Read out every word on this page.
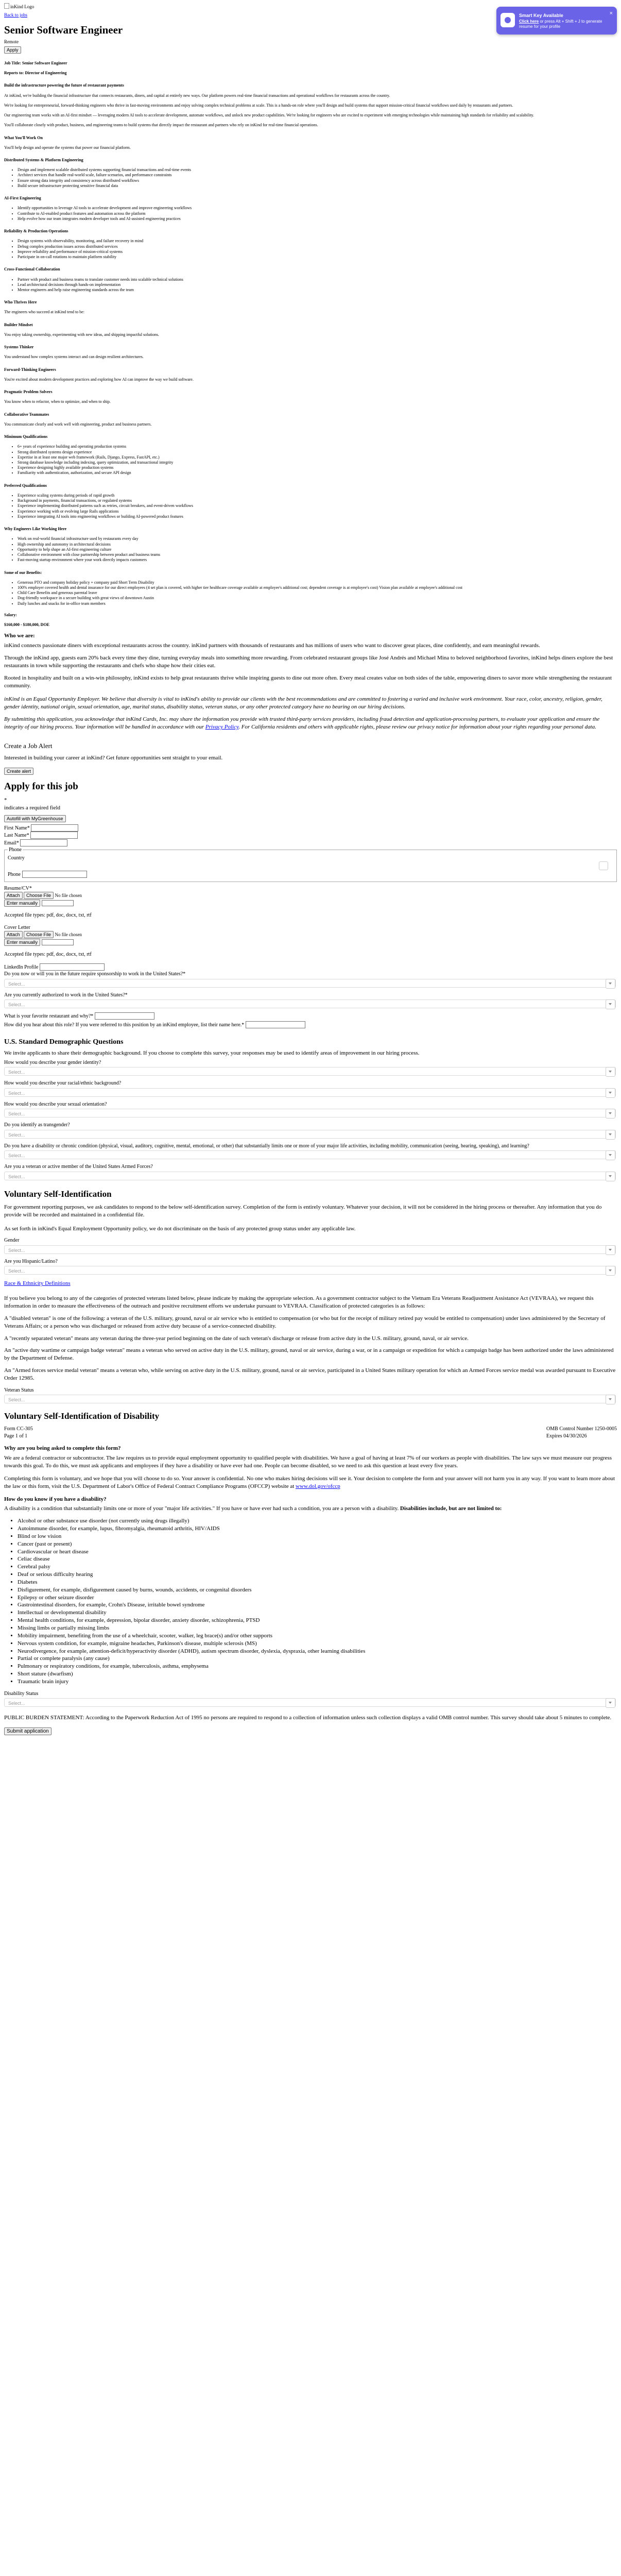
inKind Logo
Back to jobs
Senior Software Engineer
Remote
Apply

Job Title: Senior Software Engineer

Reports to: Director of Engineering

Build the infrastructure powering the future of restaurant payments

At inKind, we're building the financial infrastructure that connects restaurants, diners, and capital at entirely new ways. Our platform powers real-time financial transactions and operational workflows for restaurants across the country.

We're looking for entrepreneurial, forward-thinking engineers who thrive in fast-moving environments and enjoy solving complex technical problems at scale. This is a hands-on role where you'll design and build systems that support mission-critical financial workflows used daily by restaurants and partners.

Our engineering team works with an AI-first mindset — leveraging modern AI tools to accelerate development, automate workflows, and unlock new product capabilities. We're looking for engineers who are excited to experiment with emerging technologies while maintaining high standards for reliability and scalability.

You'll collaborate closely with product, business, and engineering teams to build systems that directly impact the restaurant and partners who rely on inKind for real-time financial operations.

What You'll Work On

You'll help design and operate the systems that power our financial platform.

Distributed Systems & Platform Engineering

• Design and implement scalable distributed systems supporting financial transactions and real-time events
• Architect services that handle real-world scale, failure scenarios, and performance constraints
• Ensure strong data integrity and consistency across distributed workflows
• Build secure infrastructure protecting sensitive financial data

AI-First Engineering

• Identify opportunities to leverage AI tools to accelerate development and improve engineering workflows
• Contribute to AI-enabled product features and automation across the platform
• Help evolve how our team integrates modern developer tools and AI-assisted engineering practices

Reliability & Production Operations

• Design systems with observability, monitoring, and failure recovery in mind
• Debug complex production issues across distributed services
• Improve reliability and performance of mission-critical systems
• Participate in on-call rotations to maintain platform stability

Cross-Functional Collaboration

• Partner with product and business teams to translate customer needs into scalable technical solutions
• Lead architectural decisions through hands-on implementation
• Mentor engineers and help raise engineering standards across the team

Who Thrives Here

The engineers who succeed at inKind tend to be:

Builder Mindset

You enjoy taking ownership, experimenting with new ideas, and shipping impactful solutions.

Systems Thinker

You understand how complex systems interact and can design resilient architectures.

Forward-Thinking Engineers

You're excited about modern development practices and exploring how AI can improve the way we build software.

Pragmatic Problem Solvers

You know when to refactor, when to optimize, and when to ship.

Collaborative Teammates

You communicate clearly and work well with engineering, product and business partners.

Minimum Qualifications

• 6+ years of experience building and operating production systems
• Strong distributed systems design experience
• Expertise in at least one major web framework (Rails, Django, Express, FastAPI, etc.)
• Strong database knowledge including indexing, query optimization, and transactional integrity
• Experience designing highly available production systems
• Familiarity with authentication, authorization, and secure API design

Preferred Qualifications

• Experience scaling systems during periods of rapid growth
• Background in payments, financial transactions, or regulated systems
• Experience implementing distributed patterns such as retries, circuit breakers, and event-driven workflows
• Experience working with or evolving large Rails applications
• Experience integrating AI tools into engineering workflows or building AI-powered product features

Why Engineers Like Working Here

• Work on real-world financial infrastructure used by restaurants every day
• High ownership and autonomy in architectural decisions
• Opportunity to help shape an AI-first engineering culture
• Collaborative environment with close partnership between product and business teams
• Fast-moving startup environment where your work directly impacts customers

Some of our Benefits:

• Generous PTO and company holiday policy + company paid Short Term Disability
• 100% employer covered health and dental insurance for our direct employees (4 set plan is covered, with higher tier healthcare coverage available at employee's additional cost; dependent coverage is at employee's cost) Vision plan available at employee's additional cost
• Child Care Benefits and generous parental leave
• Dog-friendly workspace in a secure building with great views of downtown Austin
• Daily lunches and snacks for in-office team members

Salary:

$160,000 - $180,000, DOE

Who we are:

inKind connects passionate diners with exceptional restaurants across the country. inKind partners with thousands of restaurants and has millions of users who want to discover great places, dine confidently, and earn meaningful rewards.

Through the inKind app, guests earn 20% back every time they dine, turning everyday meals into something more rewarding. From celebrated restaurant groups like José Andrés and Michael Mina to beloved neighborhood favorites, inKind helps diners explore the best restaurants in town while supporting the restaurants and chefs who shape how their cities eat.

Rooted in hospitality and built on a win-win philosophy, inKind exists to help great restaurants thrive while inspiring guests to dine out more often. Every meal creates value on both sides of the table, empowering diners to savor more while strengthening the restaurant community.

inKind is an Equal Opportunity Employer. We believe that diversity is vital to inKind's ability to provide our clients with the best recommendations and are committed to fostering a varied and inclusive work environment. Your race, color, ancestry, religion, gender, gender identity, national origin, sexual orientation, age, marital status, disability status, veteran status, or any other protected category have no bearing on our hiring decisions.

By submitting this application, you acknowledge that inKind Cards, Inc. may share the information you provide with trusted third-party services providers, including fraud detection and application-processing partners, to evaluate your application and ensure the integrity of our hiring process. Your information will be handled in accordance with our Privacy Policy. For California residents and others with applicable rights, please review our privacy notice for information about your rights regarding your personal data.

Create a Job Alert

Interested in building your career at inKind? Get future opportunities sent straight to your email.

Create alert
Apply for this job
*
indicates a required field
Autofill with MyGreenhouse
First Name*
Last Name*
Email*
Phone
Country
Phone
Resume/CV*
Attach Choose File No file chosen
Enter manually
Accepted file types: pdf, doc, docx, txt, rtf
Cover Letter
Attach Choose File No file chosen
Enter manually
Accepted file types: pdf, doc, docx, txt, rtf
LinkedIn Profile
Do you now or will you in the future require sponsorship to work in the United States?*
Select...
Are you currently authorized to work in the United States?*
Select...
What is your favorite restaurant and why?*
How did you hear about this role? If you were referred to this position by an inKind employee, list their name here.*
U.S. Standard Demographic Questions

We invite applicants to share their demographic background. If you choose to complete this survey, your responses may be used to identify areas of improvement in our hiring process.

How would you describe your gender identity?
Select...
How would you describe your racial/ethnic background?
Select...
How would you describe your sexual orientation?
Select...
Do you identify as transgender?
Select...
Do you have a disability or chronic condition (physical, visual, auditory, cognitive, mental, emotional, or other) that substantially limits one or more of your major life activities, including mobility, communication (seeing, hearing, speaking), and learning?
Select...
Are you a veteran or active member of the United States Armed Forces?
Select...
Voluntary Self-Identification

For government reporting purposes, we ask candidates to respond to the below self-identification survey. Completion of the form is entirely voluntary. Whatever your decision, it will not be considered in the hiring process or thereafter. Any information that you do provide will be recorded and maintained in a confidential file.

As set forth in inKind's Equal Employment Opportunity policy, we do not discriminate on the basis of any protected group status under any applicable law.

Gender
Select...
Are you Hispanic/Latino?
Select...
Race & Ethnicity Definitions

If you believe you belong to any of the categories of protected veterans listed below, please indicate by making the appropriate selection. As a government contractor subject to the Vietnam Era Veterans Readjustment Assistance Act (VEVRAA), we request this information in order to measure the effectiveness of the outreach and positive recruitment efforts we undertake pursuant to VEVRAA. Classification of protected categories is as follows:

A "disabled veteran" is one of the following: a veteran of the U.S. military, ground, naval or air service who is entitled to compensation (or who but for the receipt of military retired pay would be entitled to compensation) under laws administered by the Secretary of Veterans Affairs; or a person who was discharged or released from active duty because of a service-connected disability.

A "recently separated veteran" means any veteran during the three-year period beginning on the date of such veteran's discharge or release from active duty in the U.S. military, ground, naval, or air service.

An "active duty wartime or campaign badge veteran" means a veteran who served on active duty in the U.S. military, ground, naval or air service, during a war, or in a campaign or expedition for which a campaign badge has been authorized under the laws administered by the Department of Defense.

An "Armed forces service medal veteran" means a veteran who, while serving on active duty in the U.S. military, ground, naval or air service, participated in a United States military operation for which an Armed Forces service medal was awarded pursuant to Executive Order 12985.

Veteran Status
Select...
Voluntary Self-Identification of Disability
Form CC-305
Page 1 of 1
OMB Control Number 1250-0005
Expires 04/30/2026
Why are you being asked to complete this form?

We are a federal contractor or subcontractor. The law requires us to provide equal employment opportunity to qualified people with disabilities. We have a goal of having at least 7% of our workers as people with disabilities. The law says we must measure our progress towards this goal. To do this, we must ask applicants and employees if they have a disability or have ever had one. People can become disabled, so we need to ask this question at least every five years.

Completing this form is voluntary, and we hope that you will choose to do so. Your answer is confidential. No one who makes hiring decisions will see it. Your decision to complete the form and your answer will not harm you in any way. If you want to learn more about the law or this form, visit the U.S. Department of Labor's Office of Federal Contract Compliance Programs (OFCCP) website at www.dol.gov/ofccp

How do you know if you have a disability?

A disability is a condition that substantially limits one or more of your "major life activities." If you have or have ever had such a condition, you are a person with a disability. Disabilities include, but are not limited to:

• Alcohol or other substance use disorder (not currently using drugs illegally)
• Autoimmune disorder, for example, lupus, fibromyalgia, rheumatoid arthritis, HIV/AIDS
• Blind or low vision
• Cancer (past or present)
• Cardiovascular or heart disease
• Celiac disease
• Cerebral palsy
• Deaf or serious difficulty hearing
• Diabetes
• Disfigurement, for example, disfigurement caused by burns, wounds, accidents, or congenital disorders
• Epilepsy or other seizure disorder
• Gastrointestinal disorders, for example, Crohn's Disease, irritable bowel syndrome
• Intellectual or developmental disability
• Mental health conditions, for example, depression, bipolar disorder, anxiety disorder, schizophrenia, PTSD
• Missing limbs or partially missing limbs
• Mobility impairment, benefiting from the use of a wheelchair, scooter, walker, leg brace(s) and/or other supports
• Nervous system condition, for example, migraine headaches, Parkinson's disease, multiple sclerosis (MS)
• Neurodivergence, for example, attention-deficit/hyperactivity disorder (ADHD), autism spectrum disorder, dyslexia, dyspraxia, other learning disabilities
• Partial or complete paralysis (any cause)
• Pulmonary or respiratory conditions, for example, tuberculosis, asthma, emphysema
• Short stature (dwarfism)
• Traumatic brain injury
Disability Status
Select...

PUBLIC BURDEN STATEMENT: According to the Paperwork Reduction Act of 1995 no persons are required to respond to a collection of information unless such collection displays a valid OMB control number. This survey should take about 5 minutes to complete.

Submit application
Smart Key Available
Click here or press Alt + Shift + J to generate resume for your profile
×
